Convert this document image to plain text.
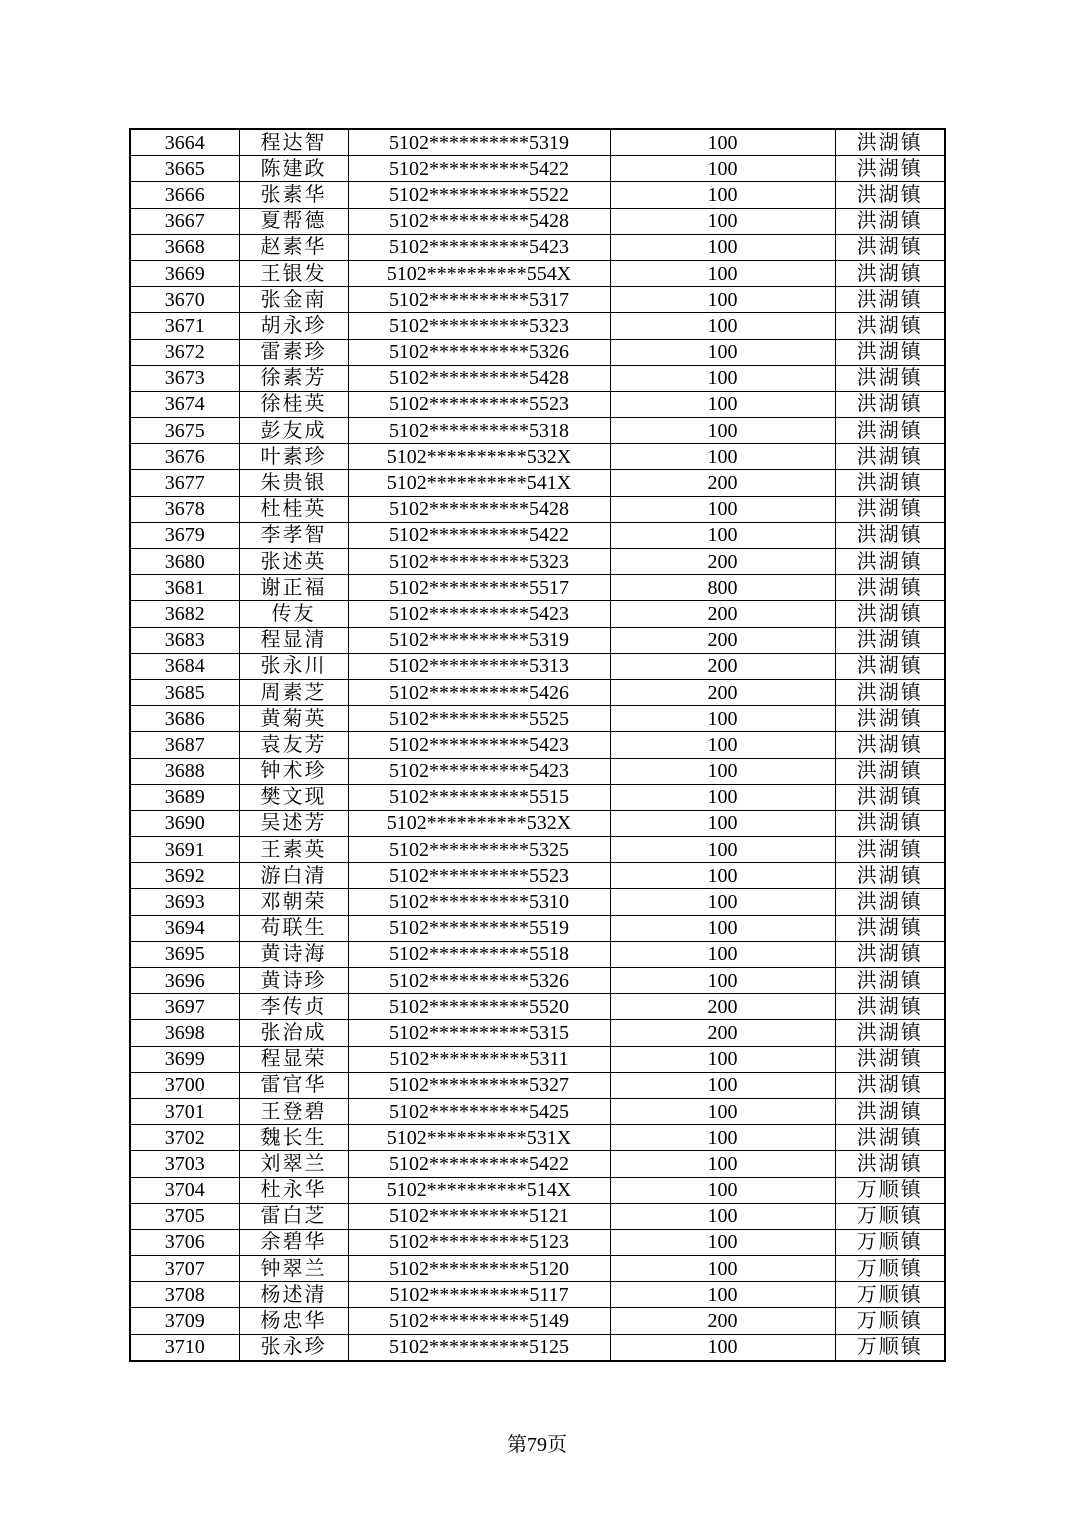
3664	程达智	5102**********5319	100	洪湖镇
3665	陈建政	5102**********5422	100	洪湖镇
3666	张素华	5102**********5522	100	洪湖镇
3667	夏帮德	5102**********5428	100	洪湖镇
3668	赵素华	5102**********5423	100	洪湖镇
3669	王银发	5102**********554X	100	洪湖镇
3670	张金南	5102**********5317	100	洪湖镇
3671	胡永珍	5102**********5323	100	洪湖镇
3672	雷素珍	5102**********5326	100	洪湖镇
3673	徐素芳	5102**********5428	100	洪湖镇
3674	徐桂英	5102**********5523	100	洪湖镇
3675	彭友成	5102**********5318	100	洪湖镇
3676	叶素珍	5102**********532X	100	洪湖镇
3677	朱贵银	5102**********541X	200	洪湖镇
3678	杜桂英	5102**********5428	100	洪湖镇
3679	李孝智	5102**********5422	100	洪湖镇
3680	张述英	5102**********5323	200	洪湖镇
3681	谢正福	5102**********5517	800	洪湖镇
3682	传友	5102**********5423	200	洪湖镇
3683	程显清	5102**********5319	200	洪湖镇
3684	张永川	5102**********5313	200	洪湖镇
3685	周素芝	5102**********5426	200	洪湖镇
3686	黄菊英	5102**********5525	100	洪湖镇
3687	袁友芳	5102**********5423	100	洪湖镇
3688	钟术珍	5102**********5423	100	洪湖镇
3689	樊文现	5102**********5515	100	洪湖镇
3690	吴述芳	5102**********532X	100	洪湖镇
3691	王素英	5102**********5325	100	洪湖镇
3692	游白清	5102**********5523	100	洪湖镇
3693	邓朝荣	5102**********5310	100	洪湖镇
3694	苟联生	5102**********5519	100	洪湖镇
3695	黄诗海	5102**********5518	100	洪湖镇
3696	黄诗珍	5102**********5326	100	洪湖镇
3697	李传贞	5102**********5520	200	洪湖镇
3698	张治成	5102**********5315	200	洪湖镇
3699	程显荣	5102**********5311	100	洪湖镇
3700	雷官华	5102**********5327	100	洪湖镇
3701	王登碧	5102**********5425	100	洪湖镇
3702	魏长生	5102**********531X	100	洪湖镇
3703	刘翠兰	5102**********5422	100	洪湖镇
3704	杜永华	5102**********514X	100	万顺镇
3705	雷白芝	5102**********5121	100	万顺镇
3706	余碧华	5102**********5123	100	万顺镇
3707	钟翠兰	5102**********5120	100	万顺镇
3708	杨述清	5102**********5117	100	万顺镇
3709	杨忠华	5102**********5149	200	万顺镇
3710	张永珍	5102**********5125	100	万顺镇
第79页
